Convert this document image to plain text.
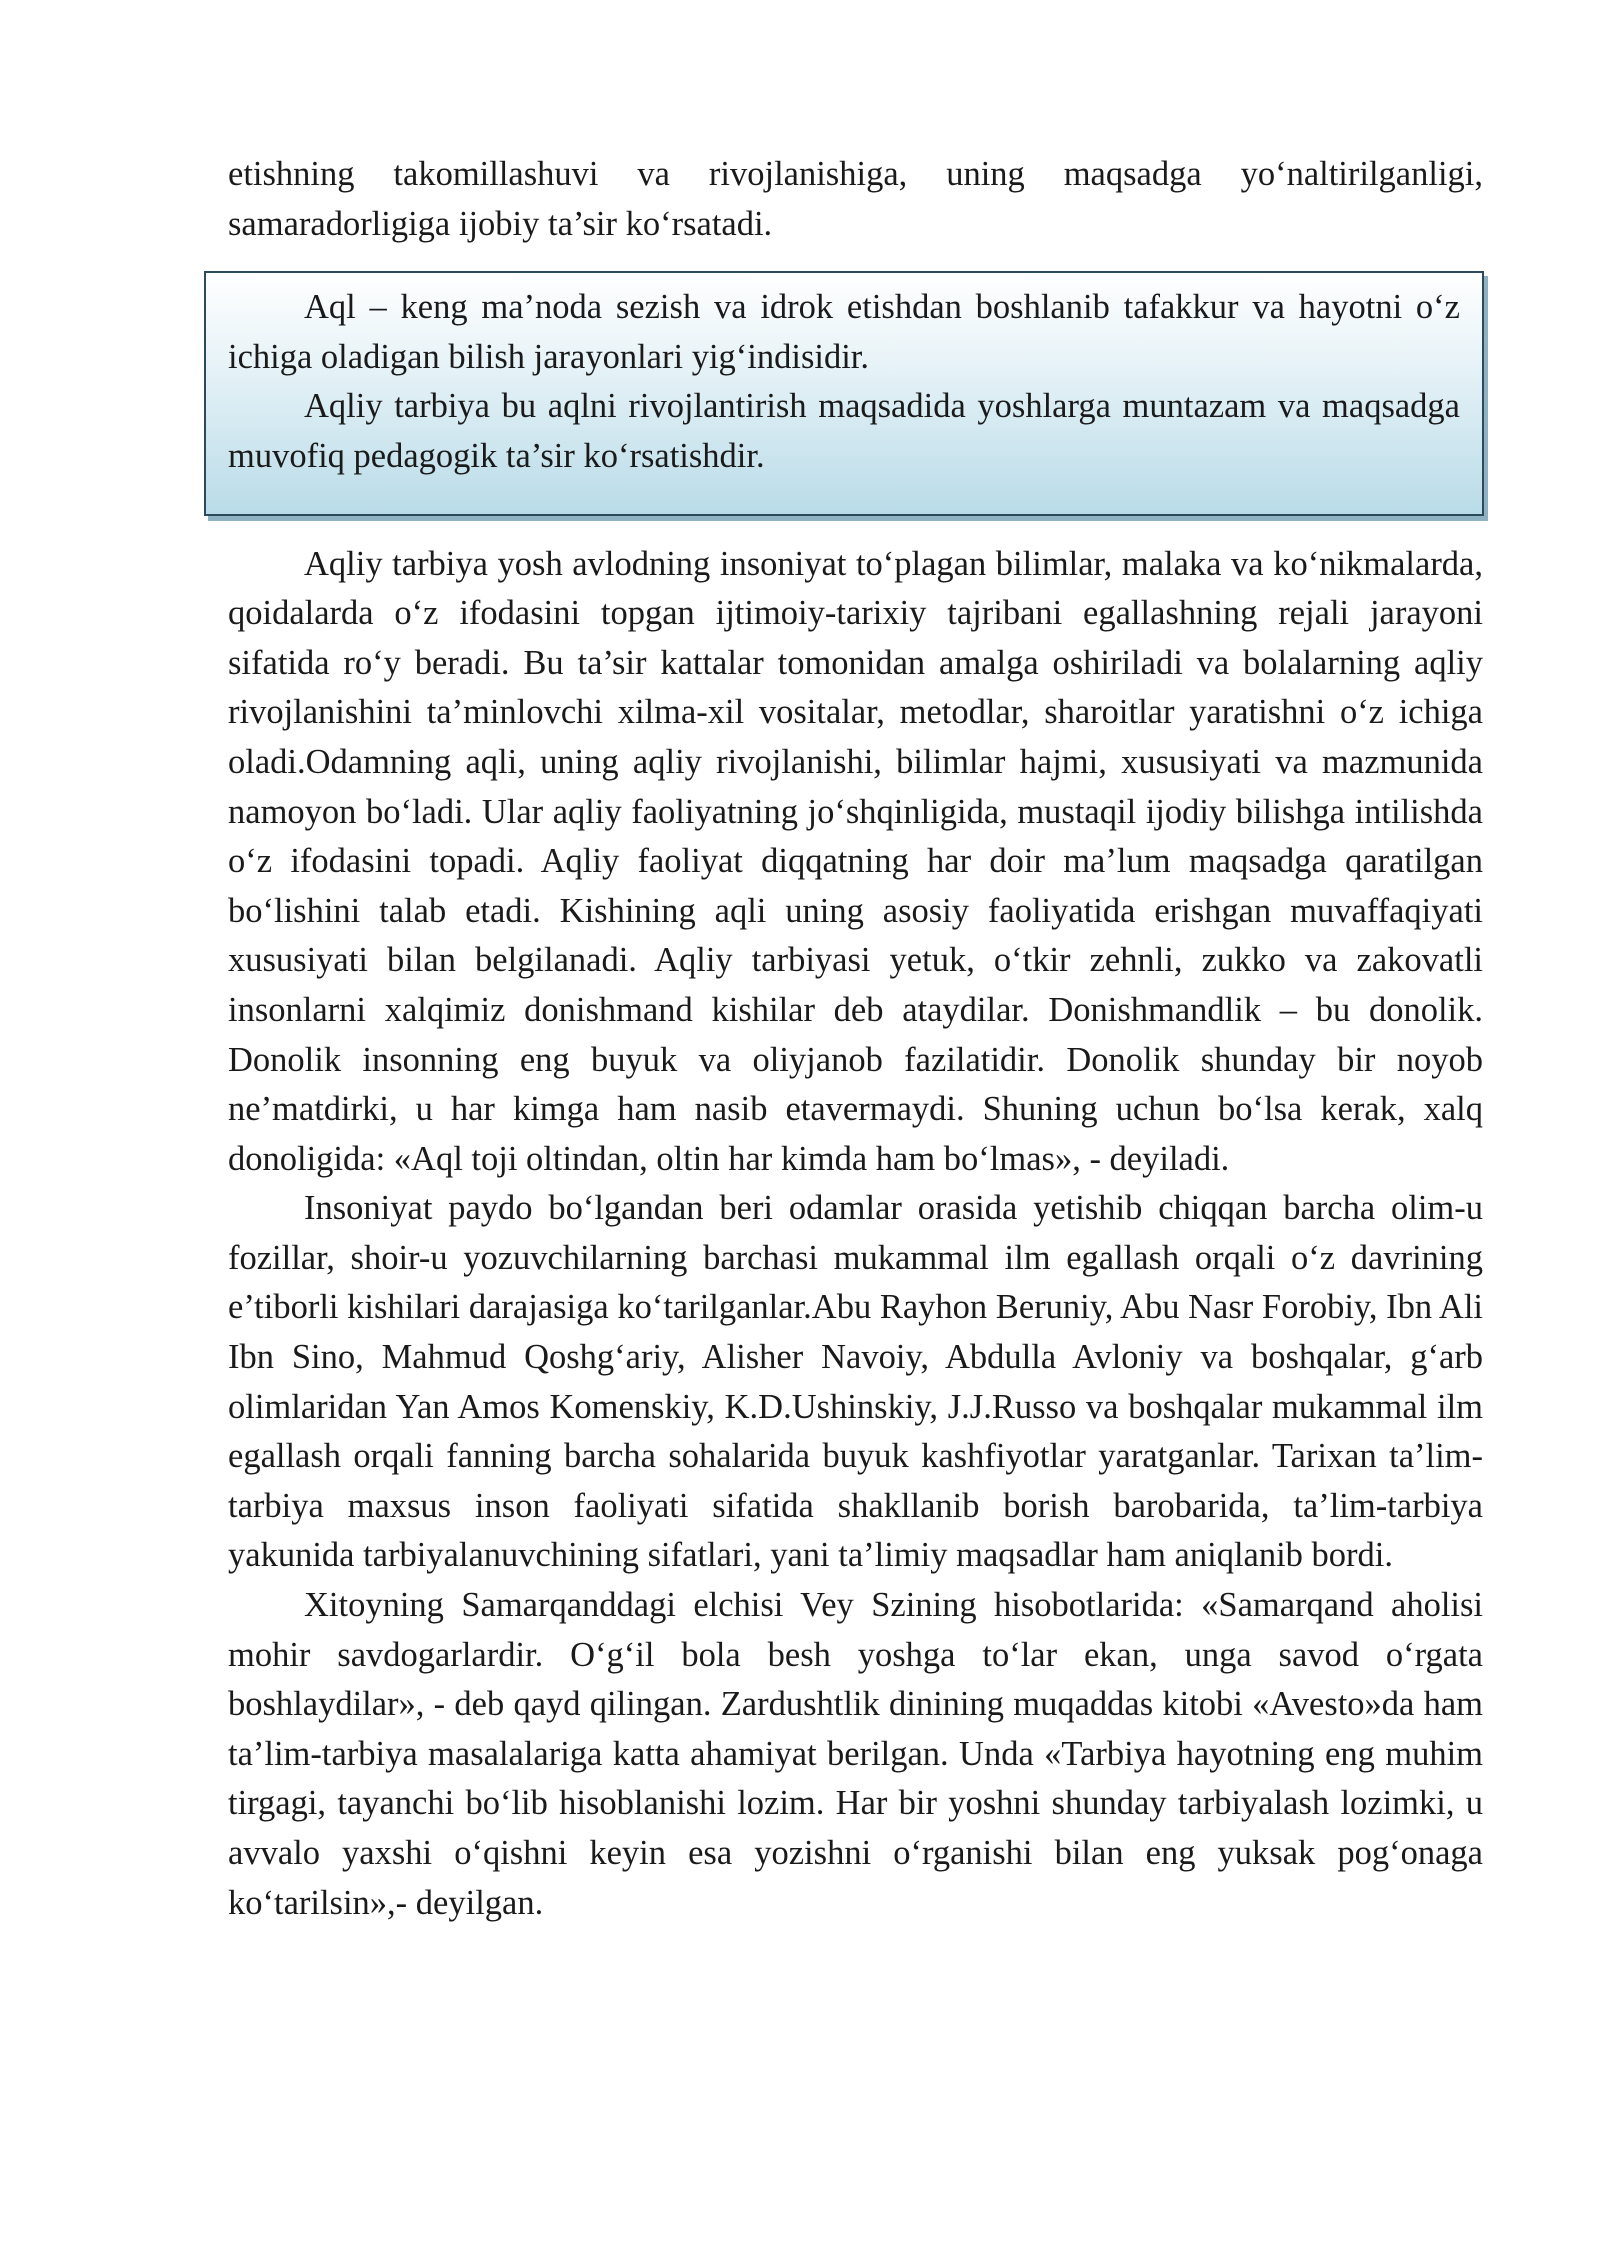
etishning takomillashuvi va rivojlanishiga, uning maqsadga yo‘naltirilganligi, samaradorligiga ijobiy ta’sir ko‘rsatadi.

Aql – keng ma’noda sezish va idrok etishdan boshlanib tafakkur va hayotni o‘z ichiga oladigan bilish jarayonlari yig‘indisidir.

Aqliy tarbiya bu aqlni rivojlantirish maqsadida yoshlarga muntazam va maqsadga muvofiq pedagogik ta’sir ko‘rsatishdir.

Aqliy tarbiya yosh avlodning insoniyat to‘plagan bilimlar, malaka va ko‘nikmalarda, qoidalarda o‘z ifodasini topgan ijtimoiy-tarixiy tajribani egallashning rejali jarayoni sifatida ro‘y beradi. Bu ta’sir kattalar tomonidan amalga oshiriladi va bolalarning aqliy rivojlanishini ta’minlovchi xilma-xil vositalar, metodlar, sharoitlar yaratishni o‘z ichiga oladi.Odamning aqli, uning aqliy rivojlanishi, bilimlar hajmi, xususiyati va mazmunida namoyon bo‘ladi. Ular aqliy faoliyatning jo‘shqinligida, mustaqil ijodiy bilishga intilishda o‘z ifodasini topadi. Aqliy faoliyat diqqatning har doir ma’lum maqsadga qaratilgan bo‘lishini talab etadi. Kishining aqli uning asosiy faoliyatida erishgan muvaffaqiyati xususiyati bilan belgilanadi. Aqliy tarbiyasi yetuk, o‘tkir zehnli, zukko va zakovatli insonlarni xalqimiz donishmand kishilar deb ataydilar. Donishmandlik – bu donolik. Donolik insonning eng buyuk va oliyjanob fazilatidir. Donolik shunday bir noyob ne’matdirki, u har kimga ham nasib etavermaydi. Shuning uchun bo‘lsa kerak, xalq donoligida: «Aql toji oltindan, oltin har kimda ham bo‘lmas», - deyiladi.

Insoniyat paydo bo‘lgandan beri odamlar orasida yetishib chiqqan barcha olim-u fozillar, shoir-u yozuvchilarning barchasi mukammal ilm egallash orqali o‘z davrining e’tiborli kishilari darajasiga ko‘tarilganlar.Abu Rayhon Beruniy, Abu Nasr Forobiy, Ibn Ali Ibn Sino, Mahmud Qoshg‘ariy, Alisher Navoiy, Abdulla Avloniy va boshqalar, g‘arb olimlaridan Yan Amos Komenskiy, K.D.Ushinskiy, J.J.Russo va boshqalar mukammal ilm egallash orqali fanning barcha sohalarida buyuk kashfiyotlar yaratganlar. Tarixan ta’lim-tarbiya maxsus inson faoliyati sifatida shakllanib borish barobarida, ta’lim-tarbiya yakunida tarbiyalanuvchining sifatlari, yani ta’limiy maqsadlar ham aniqlanib bordi.

Xitoyning Samarqanddagi elchisi Vey Szining hisobotlarida: «Samarqand aholisi mohir savdogarlardir. O‘g‘il bola besh yoshga to‘lar ekan, unga savod o‘rgata boshlaydilar», - deb qayd qilingan. Zardushtlik dinining muqaddas kitobi «Avesto»da ham ta’lim-tarbiya masalalariga katta ahamiyat berilgan. Unda «Tarbiya hayotning eng muhim tirgagi, tayanchi bo‘lib hisoblanishi lozim. Har bir yoshni shunday tarbiyalash lozimki, u avvalo yaxshi o‘qishni keyin esa yozishni o‘rganishi bilan eng yuksak pog‘onaga ko‘tarilsin»,- deyilgan.
